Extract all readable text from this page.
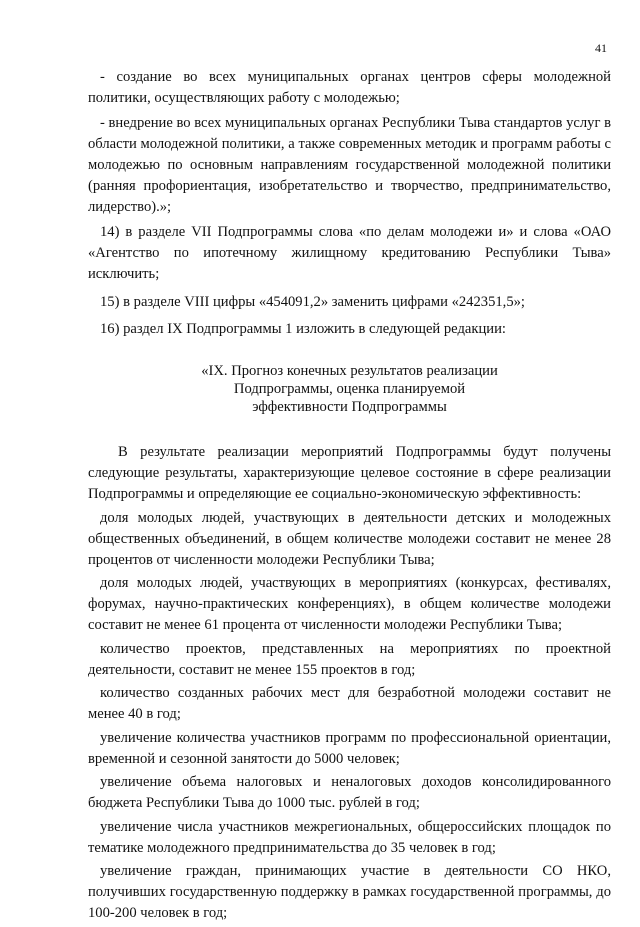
41

- создание во всех муниципальных органах центров сферы молодежной политики, осуществляющих работу с молодежью;

- внедрение во всех муниципальных органах Республики Тыва стандартов услуг в области молодежной политики, а также современных методик и программ работы с молодежью по основным направлениям государственной молодежной политики (ранняя профориентация, изобретательство и творчество, предпринимательство, лидерство).»;

14) в разделе VII Подпрограммы слова «по делам молодежи и» и слова «ОАО «Агентство по ипотечному жилищному кредитованию Республики Тыва» исключить;

15) в разделе VIII цифры «454091,2» заменить цифрами «242351,5»;

16) раздел IX Подпрограммы 1 изложить в следующей редакции:

«IX. Прогноз конечных результатов реализации
Подпрограммы, оценка планируемой
эффективности Подпрограммы

В результате реализации мероприятий Подпрограммы будут получены следующие результаты, характеризующие целевое состояние в сфере реализации Подпрограммы и определяющие ее социально-экономическую эффективность:

доля молодых людей, участвующих в деятельности детских и молодежных общественных объединений, в общем количестве молодежи составит не менее 28 процентов от численности молодежи Республики Тыва;

доля молодых людей, участвующих в мероприятиях (конкурсах, фестивалях, форумах, научно-практических конференциях), в общем количестве молодежи составит не менее 61 процента от численности молодежи Республики Тыва;

количество проектов, представленных на мероприятиях по проектной деятельности, составит не менее 155 проектов в год;

количество созданных рабочих мест для безработной молодежи составит не менее 40 в год;

увеличение количества участников программ по профессиональной ориентации, временной и сезонной занятости до 5000 человек;

увеличение объема налоговых и неналоговых доходов консолидированного бюджета Республики Тыва до 1000 тыс. рублей в год;

увеличение числа участников межрегиональных, общероссийских площадок по тематике молодежного предпринимательства до 35 человек в год;

увеличение граждан, принимающих участие в деятельности СО НКО, получивших государственную поддержку в рамках государственной программы, до 100-200 человек в год;
